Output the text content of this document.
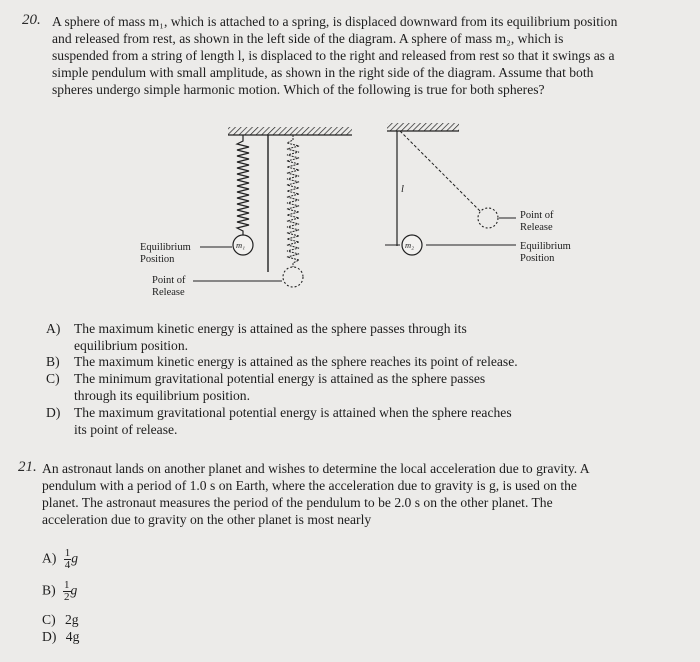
20. A sphere of mass m₁, which is attached to a spring, is displaced downward from its equilibrium position
and released from rest, as shown in the left side of the diagram. A sphere of mass m₂, which is
suspended from a string of length l, is displaced to the right and released from rest so that it swings as a
simple pendulum with small amplitude, as shown in the right side of the diagram. Assume that both
spheres undergo simple harmonic motion. Which of the following is true for both spheres?
Equilibrium
Position
Point of
Release
m₁	m₂
l
Point of
Release
Equilibrium
Position
A) The maximum kinetic energy is attained as the sphere passes through its
equilibrium position.
B) The maximum kinetic energy is attained as the sphere reaches its point of release.
C) The minimum gravitational potential energy is attained as the sphere passes
through its equilibrium position.
D) The maximum gravitational potential energy is attained when the sphere reaches
its point of release.
21. An astronaut lands on another planet and wishes to determine the local acceleration due to gravity. A
pendulum with a period of 1.0 s on Earth, where the acceleration due to gravity is g, is used on the
planet. The astronaut measures the period of the pendulum to be 2.0 s on the other planet. The
acceleration due to gravity on the other planet is most nearly
$A) \frac{1}{4}$ g
$B) \frac{1}{2}$ g
C) 2g
D) 4g
